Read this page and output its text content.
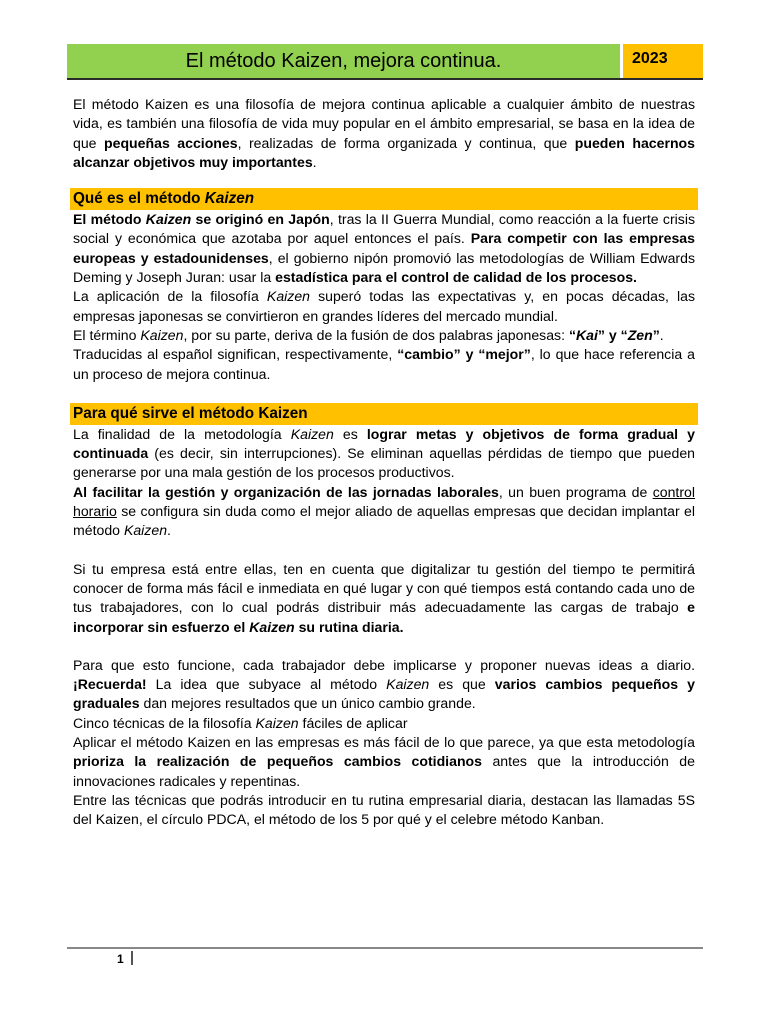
El método Kaizen, mejora continua.	2023

El método Kaizen es una filosofía de mejora continua aplicable a cualquier ámbito de nuestras vida, es también una filosofía de vida muy popular en el ámbito empresarial, se basa en la idea de que pequeñas acciones, realizadas de forma organizada y continua, que pueden hacernos alcanzar objetivos muy importantes.

Qué es el método Kaizen

El método Kaizen se originó en Japón, tras la II Guerra Mundial, como reacción a la fuerte crisis social y económica que azotaba por aquel entonces el país. Para competir con las empresas europeas y estadounidenses, el gobierno nipón promovió las metodologías de William Edwards Deming y Joseph Juran: usar la estadística para el control de calidad de los procesos.

La aplicación de la filosofía Kaizen superó todas las expectativas y, en pocas décadas, las empresas japonesas se convirtieron en grandes líderes del mercado mundial.

El término Kaizen, por su parte, deriva de la fusión de dos palabras japonesas: “Kai” y “Zen”.

Traducidas al español significan, respectivamente, “cambio” y “mejor”, lo que hace referencia a un proceso de mejora continua.

Para qué sirve el método Kaizen

La finalidad de la metodología Kaizen es lograr metas y objetivos de forma gradual y continuada (es decir, sin interrupciones). Se eliminan aquellas pérdidas de tiempo que pueden generarse por una mala gestión de los procesos productivos.

Al facilitar la gestión y organización de las jornadas laborales, un buen programa de control horario se configura sin duda como el mejor aliado de aquellas empresas que decidan implantar el método Kaizen.

Si tu empresa está entre ellas, ten en cuenta que digitalizar tu gestión del tiempo te permitirá conocer de forma más fácil e inmediata en qué lugar y con qué tiempos está contando cada uno de tus trabajadores, con lo cual podrás distribuir más adecuadamente las cargas de trabajo e incorporar sin esfuerzo el Kaizen su rutina diaria.

Para que esto funcione, cada trabajador debe implicarse y proponer nuevas ideas a diario. ¡Recuerda! La idea que subyace al método Kaizen es que varios cambios pequeños y graduales dan mejores resultados que un único cambio grande.

Cinco técnicas de la filosofía Kaizen fáciles de aplicar

Aplicar el método Kaizen en las empresas es más fácil de lo que parece, ya que esta metodología prioriza la realización de pequeños cambios cotidianos antes que la introducción de innovaciones radicales y repentinas.

Entre las técnicas que podrás introducir en tu rutina empresarial diaria, destacan las llamadas 5S del Kaizen, el círculo PDCA, el método de los 5 por qué y el celebre método Kanban.

1
